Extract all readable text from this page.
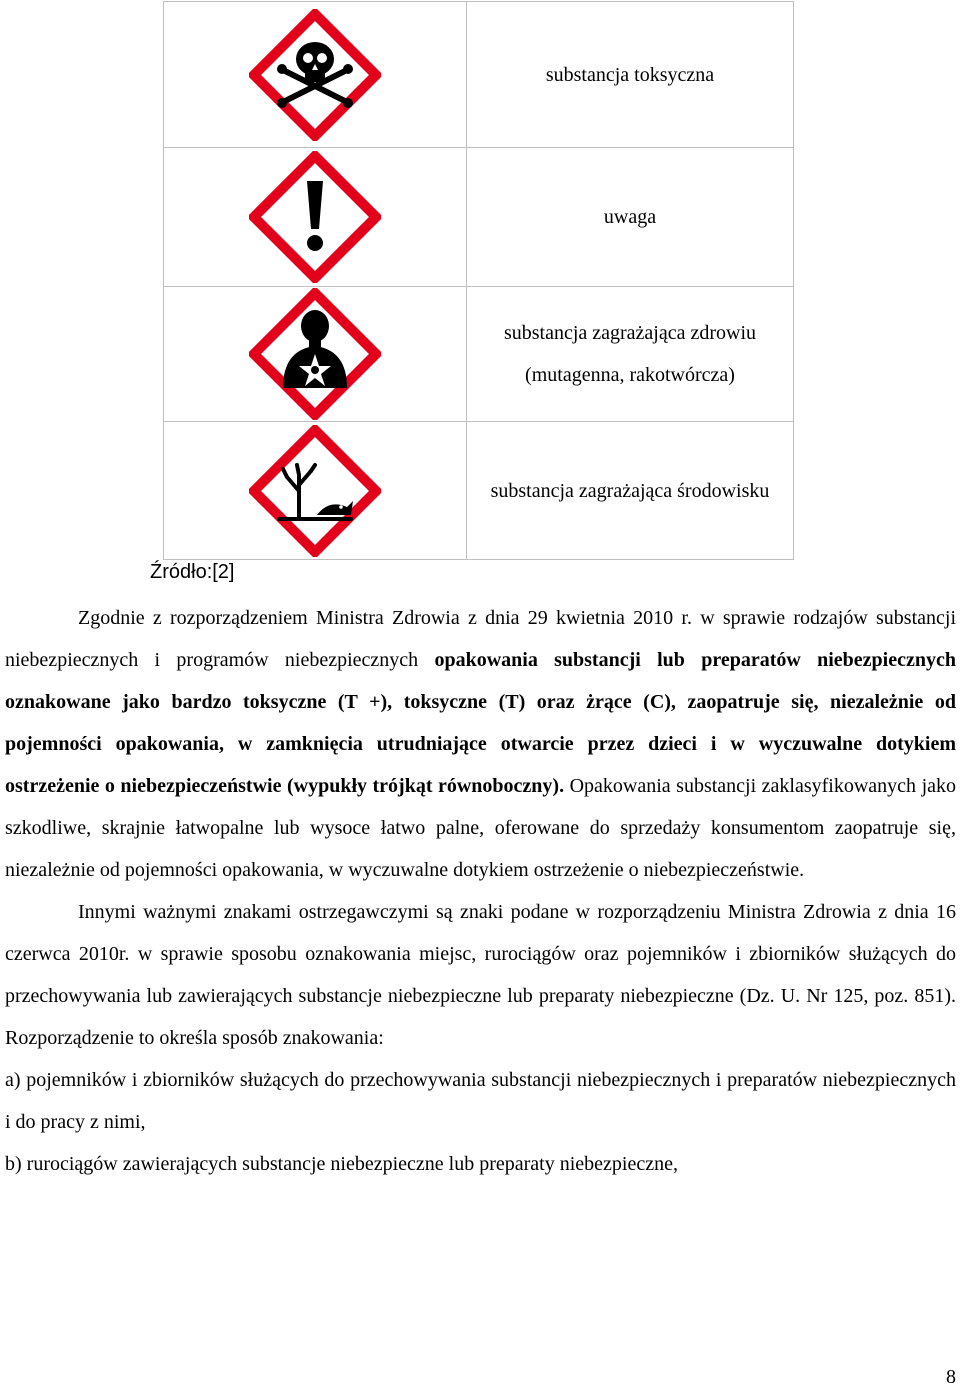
	substancja toksyczna

	uwaga

	substancja zagrażająca zdrowiu (mutagenna, rakotwórcza)

	substancja zagrażająca środowisku
Źródło:[2]

Zgodnie z rozporządzeniem Ministra Zdrowia z dnia 29 kwietnia 2010 r. w sprawie rodzajów substancji niebezpiecznych i programów niebezpiecznych opakowania substancji lub preparatów niebezpiecznych oznakowane jako bardzo toksyczne (T +), toksyczne (T) oraz żrące (C), zaopatruje się, niezależnie od pojemności opakowania, w zamknięcia utrudniające otwarcie przez dzieci i w wyczuwalne dotykiem ostrzeżenie o niebezpieczeństwie (wypukły trójkąt równoboczny). Opakowania substancji zaklasyfikowanych jako szkodliwe, skrajnie łatwopalne lub wysoce łatwo palne, oferowane do sprzedaży konsumentom zaopatruje się, niezależnie od pojemności opakowania, w wyczuwalne dotykiem ostrzeżenie o niebezpieczeństwie.

Innymi ważnymi znakami ostrzegawczymi są znaki podane w rozporządzeniu Ministra Zdrowia z dnia 16 czerwca 2010r. w sprawie sposobu oznakowania miejsc, rurociągów oraz pojemników i zbiorników służących do przechowywania lub zawierających substancje niebezpieczne lub preparaty niebezpieczne (Dz. U. Nr 125, poz. 851). Rozporządzenie to określa sposób znakowania:

a) pojemników i zbiorników służących do przechowywania substancji niebezpiecznych i preparatów niebezpiecznych i do pracy z nimi,

b) rurociągów zawierających substancje niebezpieczne lub preparaty niebezpieczne,

8
